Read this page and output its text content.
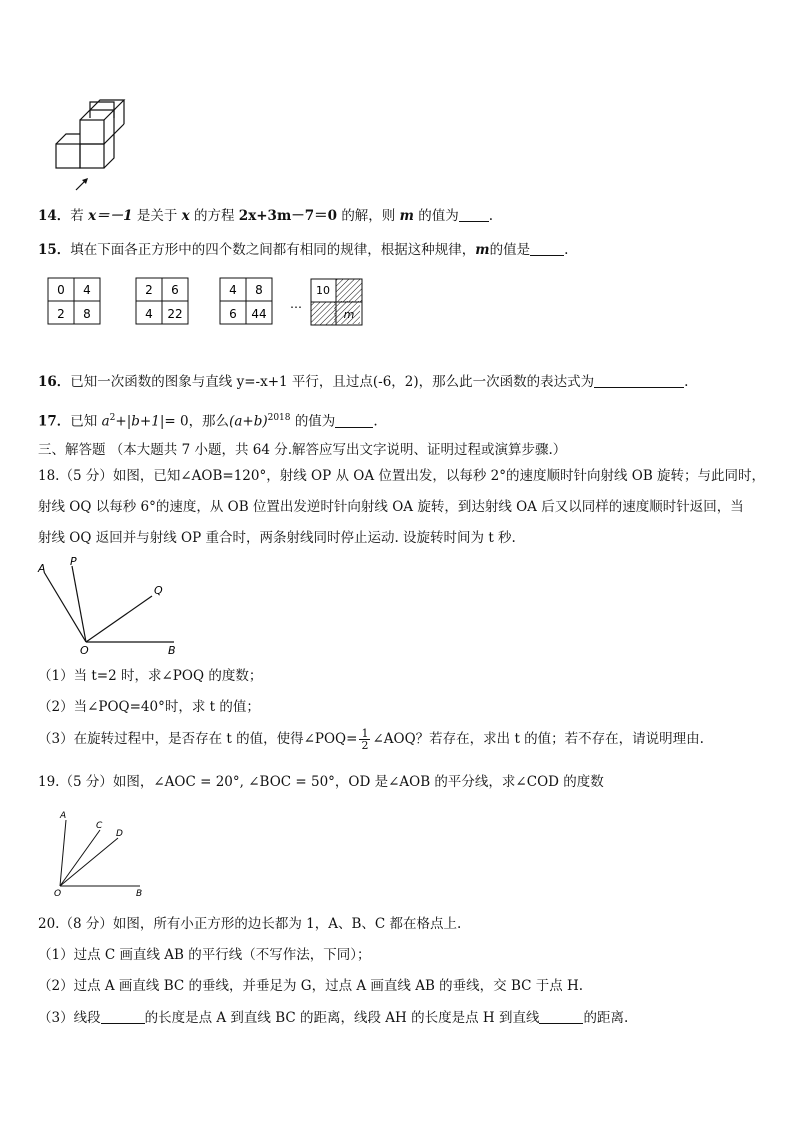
14．若 x＝－1 是关于 x 的方程 2x+3m－7＝0 的解，则 m 的值为 .
15．填在下面各正方形中的四个数之间都有相同的规律，根据这种规律，m的值是	.
0 4
2 8
2 6
4 22
4 8
6 44
…
10
m
16．已知一次函数的图象与直线 y=-x+1 平行，且过点(-6，2)，那么此一次函数的表达式为	.
17．已知 $a^2+|b+1|= 0$，那么$(a+b)^{2018}$ 的值为	.
三、解答题 （本大题共 7 小题，共 64 分.解答应写出文字说明、证明过程或演算步骤.）
18.（5 分）如图，已知∠AOB=120°，射线 OP 从 OA 位置出发，以每秒 2°的速度顺时针向射线 OB 旋转；与此同时，
射线 OQ 以每秒 6°的速度，从 OB 位置出发逆时针向射线 OA 旋转，到达射线 OA 后又以同样的速度顺时针返回，当
射线 OQ 返回并与射线 OP 重合时，两条射线同时停止运动. 设旋转时间为 t 秒.
A
P
Q
O	B
（1）当 t=2 时，求∠POQ 的度数；
（2）当∠POQ=40°时，求 t 的值；
（3）在旋转过程中，是否存在 t 的值，使得∠POQ= $\frac{1}{2}$ ∠AOQ？若存在，求出 t 的值；若不存在，请说明理由.
19.（5 分）如图，∠AOC = 20°, ∠BOC = 50°，OD 是∠AOB 的平分线，求∠COD 的度数
A
C
D
O	B
20.（8 分）如图，所有小正方形的边长都为 1，A、B、C 都在格点上.
（1）过点 C 画直线 AB 的平行线（不写作法，下同）；
（2）过点 A 画直线 BC 的垂线，并垂足为 G，过点 A 画直线 AB 的垂线，交 BC 于点 H.
（3）线段	的长度是点 A 到直线 BC 的距离，线段 AH 的长度是点 H 到直线	的距离.
